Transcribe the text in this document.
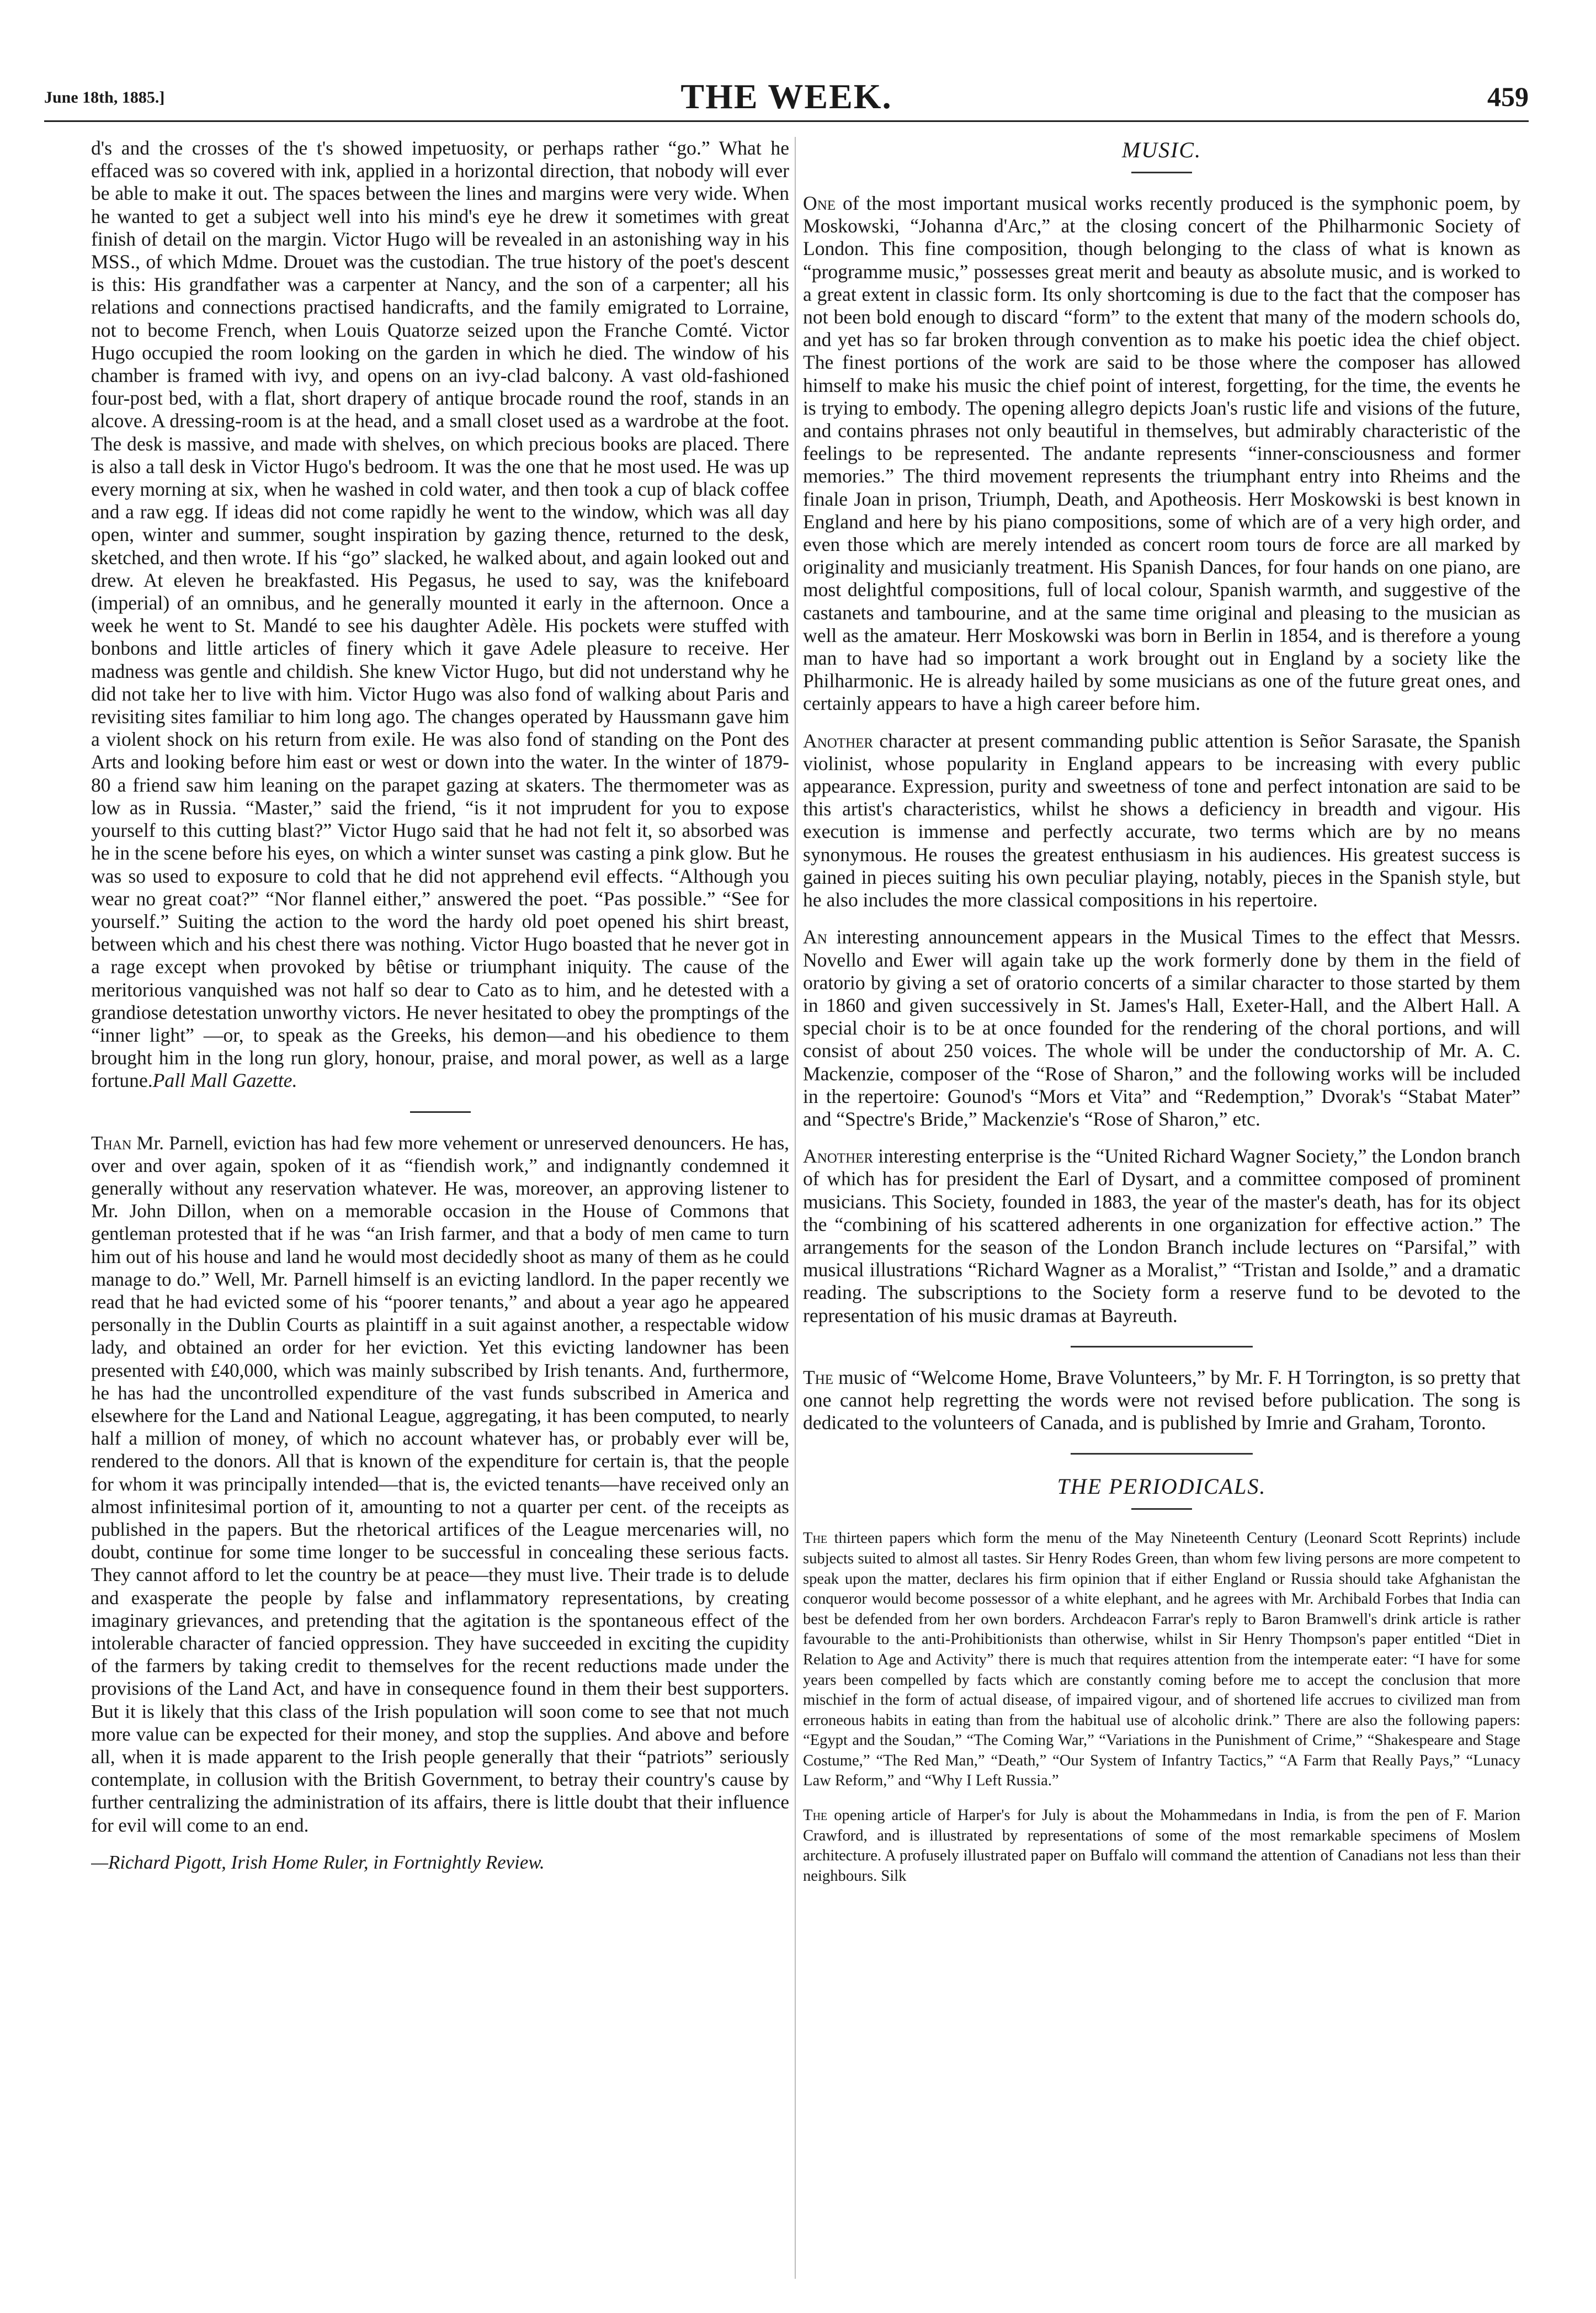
June 18th, 1885.]	THE WEEK.	459

d's and the crosses of the t's showed impetuosity, or perhaps rather “go.” What he effaced was so covered with ink, applied in a horizontal direction, that nobody will ever be able to make it out. The spaces between the lines and margins were very wide. When he wanted to get a subject well into his mind's eye he drew it sometimes with great finish of detail on the margin. Victor Hugo will be revealed in an astonishing way in his MSS., of which Mdme. Drouet was the custodian. The true history of the poet's descent is this: His grandfather was a carpenter at Nancy, and the son of a carpenter; all his relations and connections practised handicrafts, and the family emigrated to Lorraine, not to become French, when Louis Quatorze seized upon the Franche Comté. Victor Hugo occupied the room looking on the garden in which he died. The window of his chamber is framed with ivy, and opens on an ivy-clad balcony. A vast old-fashioned four-post bed, with a flat, short drapery of antique brocade round the roof, stands in an alcove. A dressing-room is at the head, and a small closet used as a wardrobe at the foot. The desk is massive, and made with shelves, on which precious books are placed. There is also a tall desk in Victor Hugo's bedroom. It was the one that he most used. He was up every morning at six, when he washed in cold water, and then took a cup of black coffee and a raw egg. If ideas did not come rapidly he went to the window, which was all day open, winter and summer, sought inspiration by gazing thence, returned to the desk, sketched, and then wrote. If his “go” slacked, he walked about, and again looked out and drew. At eleven he breakfasted. His Pegasus, he used to say, was the knifeboard (imperial) of an omnibus, and he generally mounted it early in the afternoon. Once a week he went to St. Mandé to see his daughter Adèle. His pockets were stuffed with bonbons and little articles of finery which it gave Adele pleasure to receive. Her madness was gentle and childish. She knew Victor Hugo, but did not understand why he did not take her to live with him. Victor Hugo was also fond of walking about Paris and revisiting sites familiar to him long ago. The changes operated by Haussmann gave him a violent shock on his return from exile. He was also fond of standing on the Pont des Arts and looking before him east or west or down into the water. In the winter of 1879-80 a friend saw him leaning on the parapet gazing at skaters. The thermometer was as low as in Russia. “Master,” said the friend, “is it not imprudent for you to expose yourself to this cutting blast?” Victor Hugo said that he had not felt it, so absorbed was he in the scene before his eyes, on which a winter sunset was casting a pink glow. But he was so used to exposure to cold that he did not apprehend evil effects. “Although you wear no great coat?” “Nor flannel either,” answered the poet. “Pas possible.” “See for yourself.” Suiting the action to the word the hardy old poet opened his shirt breast, between which and his chest there was nothing. Victor Hugo boasted that he never got in a rage except when provoked by bêtise or triumphant iniquity. The cause of the meritorious vanquished was not half so dear to Cato as to him, and he detested with a grandiose detestation unworthy victors. He never hesitated to obey the promptings of the “inner light” —or, to speak as the Greeks, his demon—and his obedience to them brought him in the long run glory, honour, praise, and moral power, as well as a large fortune.Pall Mall Gazette.

Than Mr. Parnell, eviction has had few more vehement or unreserved denouncers. He has, over and over again, spoken of it as “fiendish work,” and indignantly condemned it generally without any reservation whatever. He was, moreover, an approving listener to Mr. John Dillon, when on a memorable occasion in the House of Commons that gentleman protested that if he was “an Irish farmer, and that a body of men came to turn him out of his house and land he would most decidedly shoot as many of them as he could manage to do.” Well, Mr. Parnell himself is an evicting landlord. In the paper recently we read that he had evicted some of his “poorer tenants,” and about a year ago he appeared personally in the Dublin Courts as plaintiff in a suit against another, a respectable widow lady, and obtained an order for her eviction. Yet this evicting landowner has been presented with £40,000, which was mainly subscribed by Irish tenants. And, furthermore, he has had the uncontrolled expenditure of the vast funds subscribed in America and elsewhere for the Land and National League, aggregating, it has been computed, to nearly half a million of money, of which no account whatever has, or probably ever will be, rendered to the donors. All that is known of the expenditure for certain is, that the people for whom it was principally intended—that is, the evicted tenants—have received only an almost infinitesimal portion of it, amounting to not a quarter per cent. of the receipts as published in the papers. But the rhetorical artifices of the League mercenaries will, no doubt, continue for some time longer to be successful in concealing these serious facts. They cannot afford to let the country be at peace—they must live. Their trade is to delude and exasperate the people by false and inflammatory representations, by creating imaginary grievances, and pretending that the agitation is the spontaneous effect of the intolerable character of fancied oppression. They have succeeded in exciting the cupidity of the farmers by taking credit to themselves for the recent reductions made under the provisions of the Land Act, and have in consequence found in them their best supporters. But it is likely that this class of the Irish population will soon come to see that not much more value can be expected for their money, and stop the supplies. And above and before all, when it is made apparent to the Irish people generally that their “patriots” seriously contemplate, in collusion with the British Government, to betray their country's cause by further centralizing the administration of its affairs, there is little doubt that their influence for evil will come to an end.

—Richard Pigott, Irish Home Ruler, in Fortnightly Review.

MUSIC.

One of the most important musical works recently produced is the symphonic poem, by Moskowski, “Johanna d'Arc,” at the closing concert of the Philharmonic Society of London. This fine composition, though belonging to the class of what is known as “programme music,” possesses great merit and beauty as absolute music, and is worked to a great extent in classic form. Its only shortcoming is due to the fact that the composer has not been bold enough to discard “form” to the extent that many of the modern schools do, and yet has so far broken through convention as to make his poetic idea the chief object. The finest portions of the work are said to be those where the composer has allowed himself to make his music the chief point of interest, forgetting, for the time, the events he is trying to embody. The opening allegro depicts Joan's rustic life and visions of the future, and contains phrases not only beautiful in themselves, but admirably characteristic of the feelings to be represented. The andante represents “inner-consciousness and former memories.” The third movement represents the triumphant entry into Rheims and the finale Joan in prison, Triumph, Death, and Apotheosis. Herr Moskowski is best known in England and here by his piano compositions, some of which are of a very high order, and even those which are merely intended as concert room tours de force are all marked by originality and musicianly treatment. His Spanish Dances, for four hands on one piano, are most delightful compositions, full of local colour, Spanish warmth, and suggestive of the castanets and tambourine, and at the same time original and pleasing to the musician as well as the amateur. Herr Moskowski was born in Berlin in 1854, and is therefore a young man to have had so important a work brought out in England by a society like the Philharmonic. He is already hailed by some musicians as one of the future great ones, and certainly appears to have a high career before him.

Another character at present commanding public attention is Señor Sarasate, the Spanish violinist, whose popularity in England appears to be increasing with every public appearance. Expression, purity and sweetness of tone and perfect intonation are said to be this artist's characteristics, whilst he shows a deficiency in breadth and vigour. His execution is immense and perfectly accurate, two terms which are by no means synonymous. He rouses the greatest enthusiasm in his audiences. His greatest success is gained in pieces suiting his own peculiar playing, notably, pieces in the Spanish style, but he also includes the more classical compositions in his repertoire.

An interesting announcement appears in the Musical Times to the effect that Messrs. Novello and Ewer will again take up the work formerly done by them in the field of oratorio by giving a set of oratorio concerts of a similar character to those started by them in 1860 and given successively in St. James's Hall, Exeter-Hall, and the Albert Hall. A special choir is to be at once founded for the rendering of the choral portions, and will consist of about 250 voices. The whole will be under the conductorship of Mr. A. C. Mackenzie, composer of the “Rose of Sharon,” and the following works will be included in the repertoire: Gounod's “Mors et Vita” and “Redemption,” Dvorak's “Stabat Mater” and “Spectre's Bride,” Mackenzie's “Rose of Sharon,” etc.

Another interesting enterprise is the “United Richard Wagner Society,” the London branch of which has for president the Earl of Dysart, and a committee composed of prominent musicians. This Society, founded in 1883, the year of the master's death, has for its object the “combining of his scattered adherents in one organization for effective action.” The arrangements for the season of the London Branch include lectures on “Parsifal,” with musical illustrations “Richard Wagner as a Moralist,” “Tristan and Isolde,” and a dramatic reading. The subscriptions to the Society form a reserve fund to be devoted to the representation of his music dramas at Bayreuth.

The music of “Welcome Home, Brave Volunteers,” by Mr. F. H Torrington, is so pretty that one cannot help regretting the words were not revised before publication. The song is dedicated to the volunteers of Canada, and is published by Imrie and Graham, Toronto.

THE PERIODICALS.

The thirteen papers which form the menu of the May Nineteenth Century (Leonard Scott Reprints) include subjects suited to almost all tastes. Sir Henry Rodes Green, than whom few living persons are more competent to speak upon the matter, declares his firm opinion that if either England or Russia should take Afghanistan the conqueror would become possessor of a white elephant, and he agrees with Mr. Archibald Forbes that India can best be defended from her own borders. Archdeacon Farrar's reply to Baron Bramwell's drink article is rather favourable to the anti-Prohibitionists than otherwise, whilst in Sir Henry Thompson's paper entitled “Diet in Relation to Age and Activity” there is much that requires attention from the intemperate eater: “I have for some years been compelled by facts which are constantly coming before me to accept the conclusion that more mischief in the form of actual disease, of impaired vigour, and of shortened life accrues to civilized man from erroneous habits in eating than from the habitual use of alcoholic drink.” There are also the following papers: “Egypt and the Soudan,” “The Coming War,” “Variations in the Punishment of Crime,” “Shakespeare and Stage Costume,” “The Red Man,” “Death,” “Our System of Infantry Tactics,” “A Farm that Really Pays,” “Lunacy Law Reform,” and “Why I Left Russia.”

The opening article of Harper's for July is about the Mohammedans in India, is from the pen of F. Marion Crawford, and is illustrated by representations of some of the most remarkable specimens of Moslem architecture. A profusely illustrated paper on Buffalo will command the attention of Canadians not less than their neighbours. Silk
